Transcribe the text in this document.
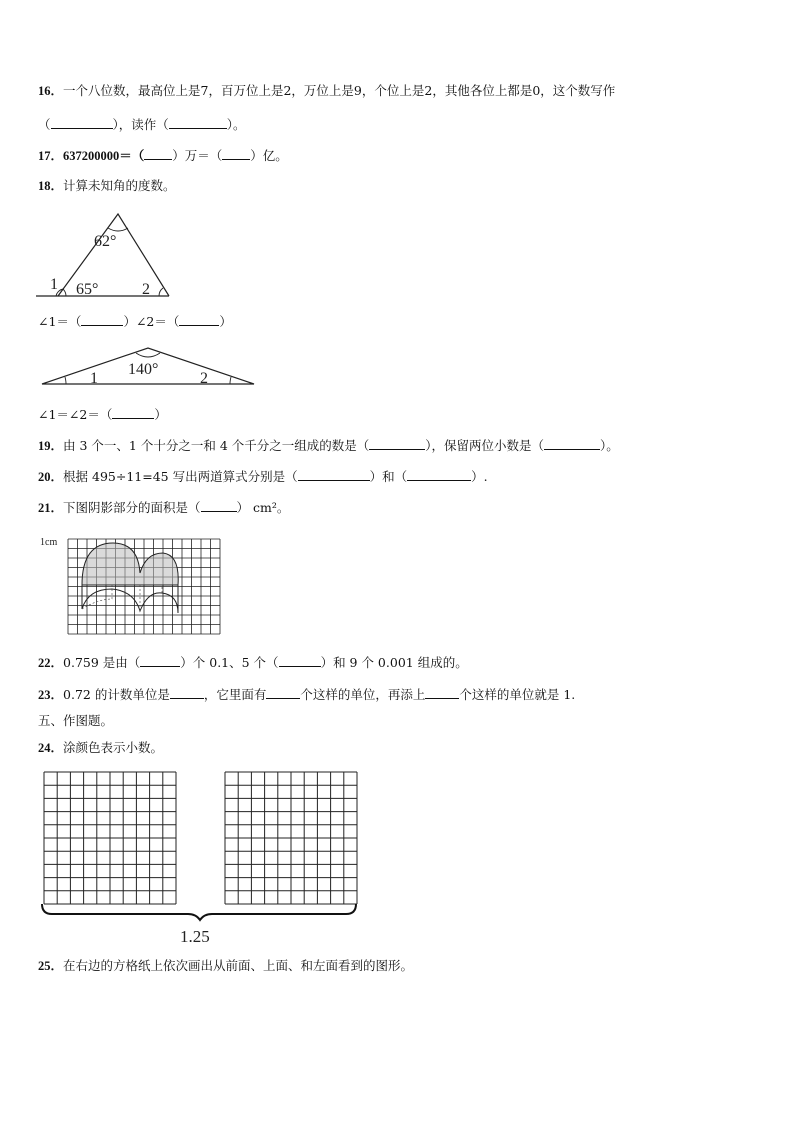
16．一个八位数，最高位上是7，百万位上是2，万位上是9，个位上是2，其他各位上都是0，这个数写作
（	），读作（	）。
17．637200000＝（ ）万＝（ ）亿。
18．计算未知角的度数。
62°
65°
1	2
∠1＝（	）∠2＝（	）
140°
1	2
∠1＝∠2＝（	）
19．由 3 个一、1 个十分之一和 4 个千分之一组成的数是（	），保留两位小数是（	）。
20．根据 495÷11=45 写出两道算式分别是（	）和（	）.
21．下图阴影部分的面积是（	） cm²。
1cm
22．0.759 是由（	）个 0.1、5 个（	）和 9 个 0.001 组成的。
23．0.72 的计数单位是	，它里面有	个这样的单位，再添上	个这样的单位就是 1.
五、作图题。
24．涂颜色表示小数。
1.25
25．在右边的方格纸上依次画出从前面、上面、和左面看到的图形。
